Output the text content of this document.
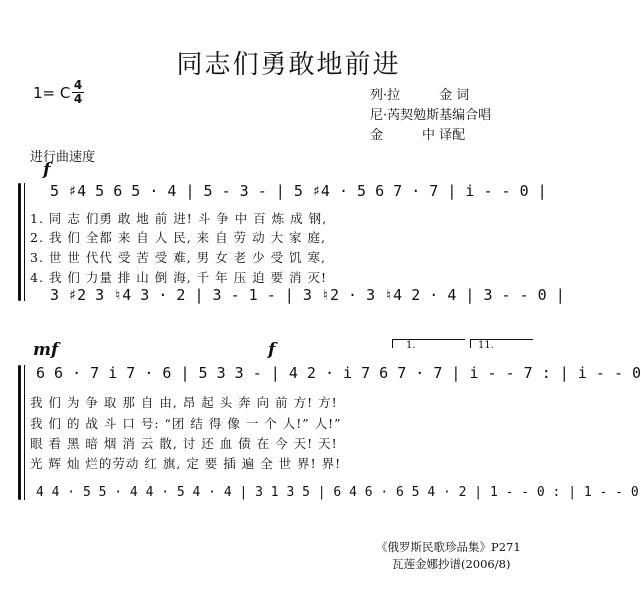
同志们勇敢地前进
1= C 4
4	列·拉　　　金 词
尼·芮契勉斯基编合唱
金　　　中 译配
进行曲速度
f
5 ♯4 5 6 5 · 4 | 5 - 3 - | 5 ♯4 · 5 6 7 · 7 | i - - 0 |
1. 同 志 们勇 敢 地 前 进! 斗 争 中 百 炼 成 钢,
2. 我 们 全都 来 自 人 民, 来 自 劳 动 大 家 庭,
3. 世 世 代代 受 苦 受 难, 男 女 老 少 受 饥 寒,
4. 我 们 力量 排 山 倒 海, 千 年 压 迫 要 消 灭!
3 ♯2 3 ♮4 3 · 2 | 3 - 1 - | 3 ♮2 · 3 ♮4 2 · 4 | 3 - - 0 |
mf	f	1.	11.
6 6 · 7 i 7 · 6 | 5 3 3 - | 4 2 · i 7 6 7 · 7 | i - - 7 : | i - - 0
我 们 为 争 取 那 自 由, 昂 起 头 奔 向 前 方! 方!
我 们 的 战 斗 口 号: “团 结 得 像 一 个 人!” 人!”
眼 看 黑 暗 烟 消 云 散, 讨 还 血 债 在 今 天! 天!
光 辉 灿 烂的劳动 红 旗, 定 要 插 遍 全 世 界! 界!
4 4 · 5 5 · 4 4 · 5 4 · 4 | 3 1 3 5 | 6 4 6 · 6 5 4 · 2 | 1 - - 0 : | 1 - - 0
《俄罗斯民歌珍品集》P271
瓦莲金娜抄谱(2006/8)
